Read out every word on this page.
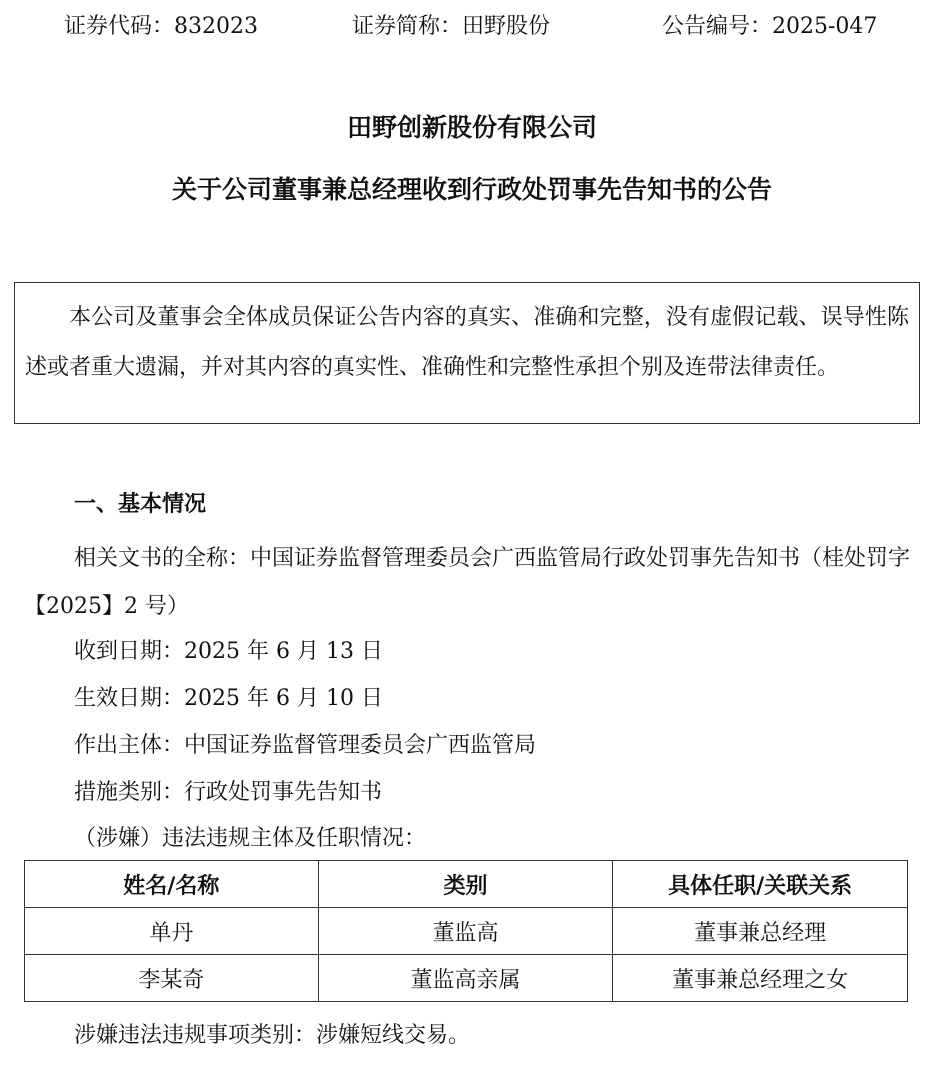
证券代码：832023	证券简称：田野股份	公告编号：2025-047
田野创新股份有限公司
关于公司董事兼总经理收到行政处罚事先告知书的公告

本公司及董事会全体成员保证公告内容的真实、准确和完整，没有虚假记载、误导性陈述或者重大遗漏，并对其内容的真实性、准确性和完整性承担个别及连带法律责任。

一、基本情况

相关文书的全称：中国证券监督管理委员会广西监管局行政处罚事先告知书（桂处罚字【2025】2 号）

收到日期：2025 年 6 月 13 日

生效日期：2025 年 6 月 10 日

作出主体：中国证券监督管理委员会广西监管局

措施类别：行政处罚事先告知书

（涉嫌）违法违规主体及任职情况：

姓名/名称	类别	具体任职/关联关系
单丹	董监高	董事兼总经理
李某奇	董监高亲属	董事兼总经理之女

涉嫌违法违规事项类别：涉嫌短线交易。
